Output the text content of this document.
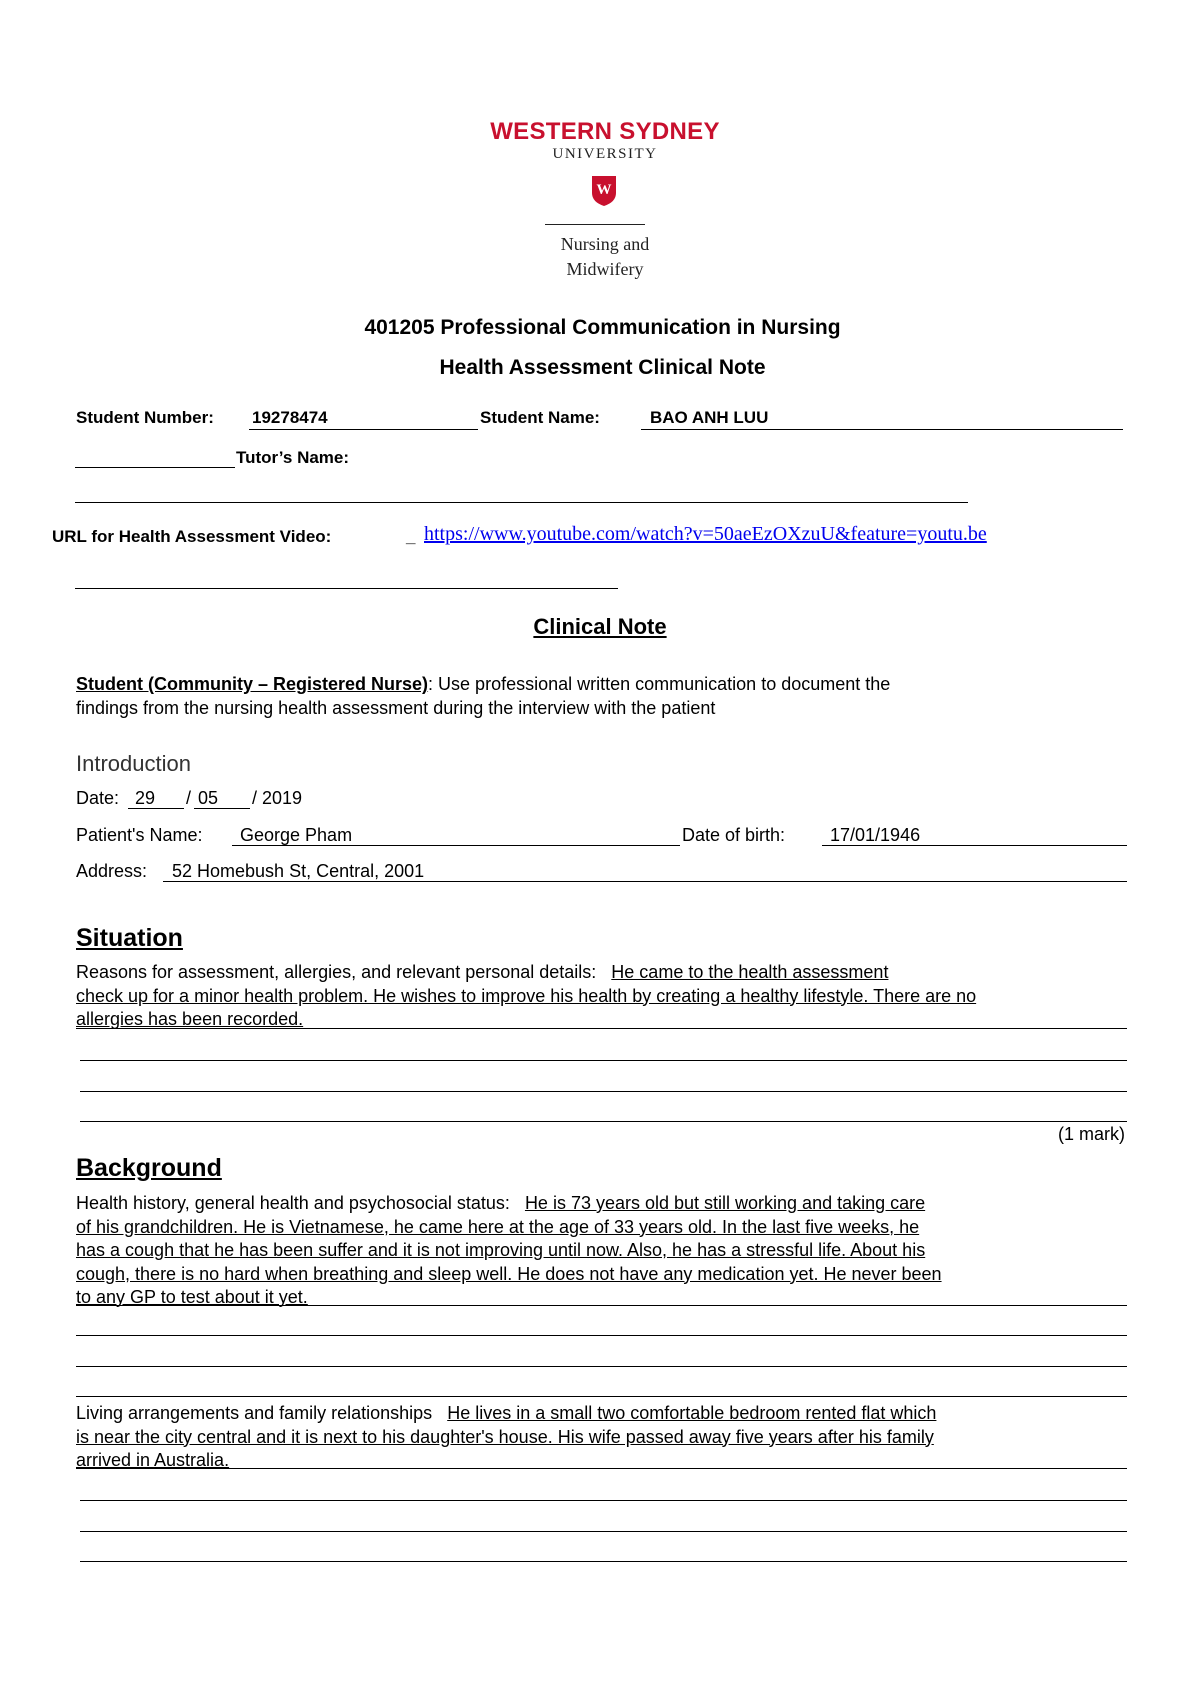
WESTERN SYDNEY
UNIVERSITY
W
Nursing and
Midwifery
401205 Professional Communication in Nursing
Health Assessment Clinical Note
Student Number: 19278474	Student Name:	BAO ANH LUU
Tutor’s Name:
URL for Health Assessment Video:	_ https://www.youtube.com/watch?v=50aeEzOXzuU&feature=youtu.be
Clinical Note
Student (Community – Registered Nurse): Use professional written communication to document the
findings from the nursing health assessment during the interview with the patient
Introduction
Date: 29 / 05 / 2019
Patient's Name: George Pham	Date of birth: 17/01/1946
Address: 52 Homebush St, Central, 2001
Situation
Reasons for assessment, allergies, and relevant personal details: He came to the health assessment
check up for a minor health problem. He wishes to improve his health by creating a healthy lifestyle. There are no
allergies has been recorded.
(1 mark)
Background
Health history, general health and psychosocial status: He is 73 years old but still working and taking care
of his grandchildren. He is Vietnamese, he came here at the age of 33 years old. In the last five weeks, he
has a cough that he has been suffer and it is not improving until now. Also, he has a stressful life. About his
cough, there is no hard when breathing and sleep well. He does not have any medication yet. He never been
to any GP to test about it yet.
Living arrangements and family relationships He lives in a small two comfortable bedroom rented flat which
is near the city central and it is next to his daughter's house. His wife passed away five years after his family
arrived in Australia.
